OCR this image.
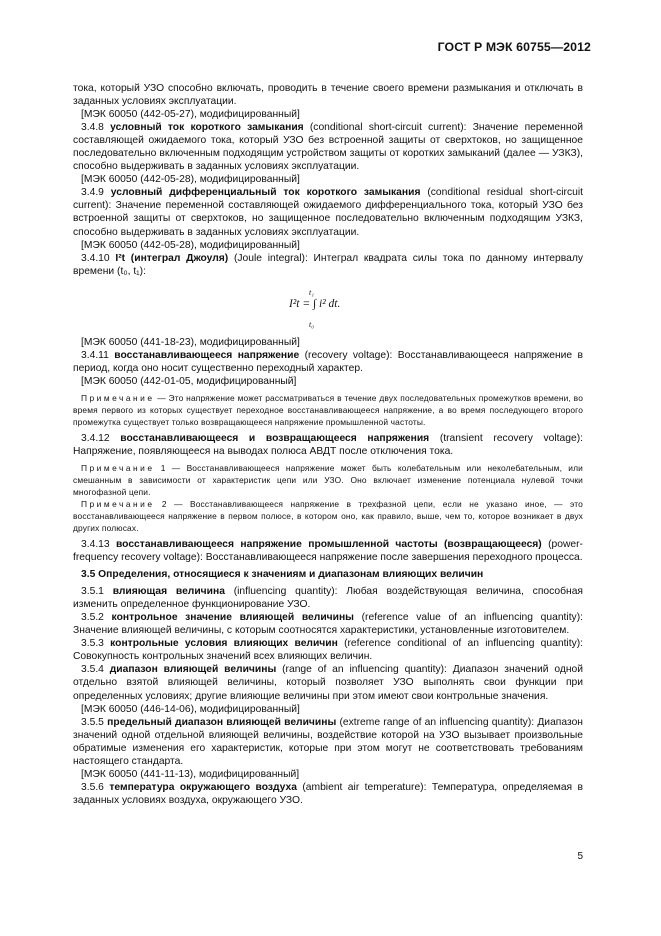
ГОСТ Р МЭК 60755—2012

тока, который УЗО способно включать, проводить в течение своего времени размыкания и отключать в заданных условиях эксплуатации.

[МЭК 60050 (442-05-27), модифицированный]

3.4.8 условный ток короткого замыкания (conditional short-circuit current): Значение переменной составляющей ожидаемого тока, который УЗО без встроенной защиты от сверхтоков, но защищенное последовательно включенным подходящим устройством защиты от коротких замыканий (далее — УЗКЗ), способно выдерживать в заданных условиях эксплуатации.

[МЭК 60050 (442-05-28), модифицированный]

3.4.9 условный дифференциальный ток короткого замыкания (conditional residual short-circuit current): Значение переменной составляющей ожидаемого дифференциального тока, который УЗО без встроенной защиты от сверхтоков, но защищенное последовательно включенным подходящим УЗКЗ, способно выдерживать в заданных условиях эксплуатации.

[МЭК 60050 (442-05-28), модифицированный]

3.4.10 I²t (интеграл Джоуля) (Joule integral): Интеграл квадрата силы тока по данному интервалу времени (t₀, t₁):

t₁
I²t = ∫ i² dt.
t₀

[МЭК 60050 (441-18-23), модифицированный]

3.4.11 восстанавливающееся напряжение (recovery voltage): Восстанавливающееся напряжение в период, когда оно носит существенно переходный характер.

[МЭК 60050 (442-01-05, модифицированный]

Примечание — Это напряжение может рассматриваться в течение двух последовательных промежутков времени, во время первого из которых существует переходное восстанавливающееся напряжение, а во время последующего второго промежутка существует только возвращающееся напряжение промышленной частоты.

3.4.12 восстанавливающееся и возвращающееся напряжения (transient recovery voltage): Напряжение, появляющееся на выводах полюса АВДТ после отключения тока.

Примечание 1 — Восстанавливающееся напряжение может быть колебательным или неколебательным, или смешанным в зависимости от характеристик цепи или УЗО. Оно включает изменение потенциала нулевой точки многофазной цепи.

Примечание 2 — Восстанавливающееся напряжение в трехфазной цепи, если не указано иное, — это восстанавливающееся напряжение в первом полюсе, в котором оно, как правило, выше, чем то, которое возникает в двух других полюсах.

3.4.13 восстанавливающееся напряжение промышленной частоты (возвращающееся) (power-frequency recovery voltage): Восстанавливающееся напряжение после завершения переходного процесса.

3.5 Определения, относящиеся к значениям и диапазонам влияющих величин

3.5.1 влияющая величина (influencing quantity): Любая воздействующая величина, способная изменить определенное функционирование УЗО.

3.5.2 контрольное значение влияющей величины (reference value of an influencing quantity): Значение влияющей величины, с которым соотносятся характеристики, установленные изготовителем.

3.5.3 контрольные условия влияющих величин (reference conditional of an influencing quantity): Совокупность контрольных значений всех влияющих величин.

3.5.4 диапазон влияющей величины (range of an influencing quantity): Диапазон значений одной отдельно взятой влияющей величины, который позволяет УЗО выполнять свои функции при определенных условиях; другие влияющие величины при этом имеют свои контрольные значения.

[МЭК 60050 (446-14-06), модифицированный]

3.5.5 предельный диапазон влияющей величины (extreme range of an influencing quantity): Диапазон значений одной отдельной влияющей величины, воздействие которой на УЗО вызывает произвольные обратимые изменения его характеристик, которые при этом могут не соответствовать требованиям настоящего стандарта.

[МЭК 60050 (441-11-13), модифицированный]

3.5.6 температура окружающего воздуха (ambient air temperature): Температура, определяемая в заданных условиях воздуха, окружающего УЗО.

5
